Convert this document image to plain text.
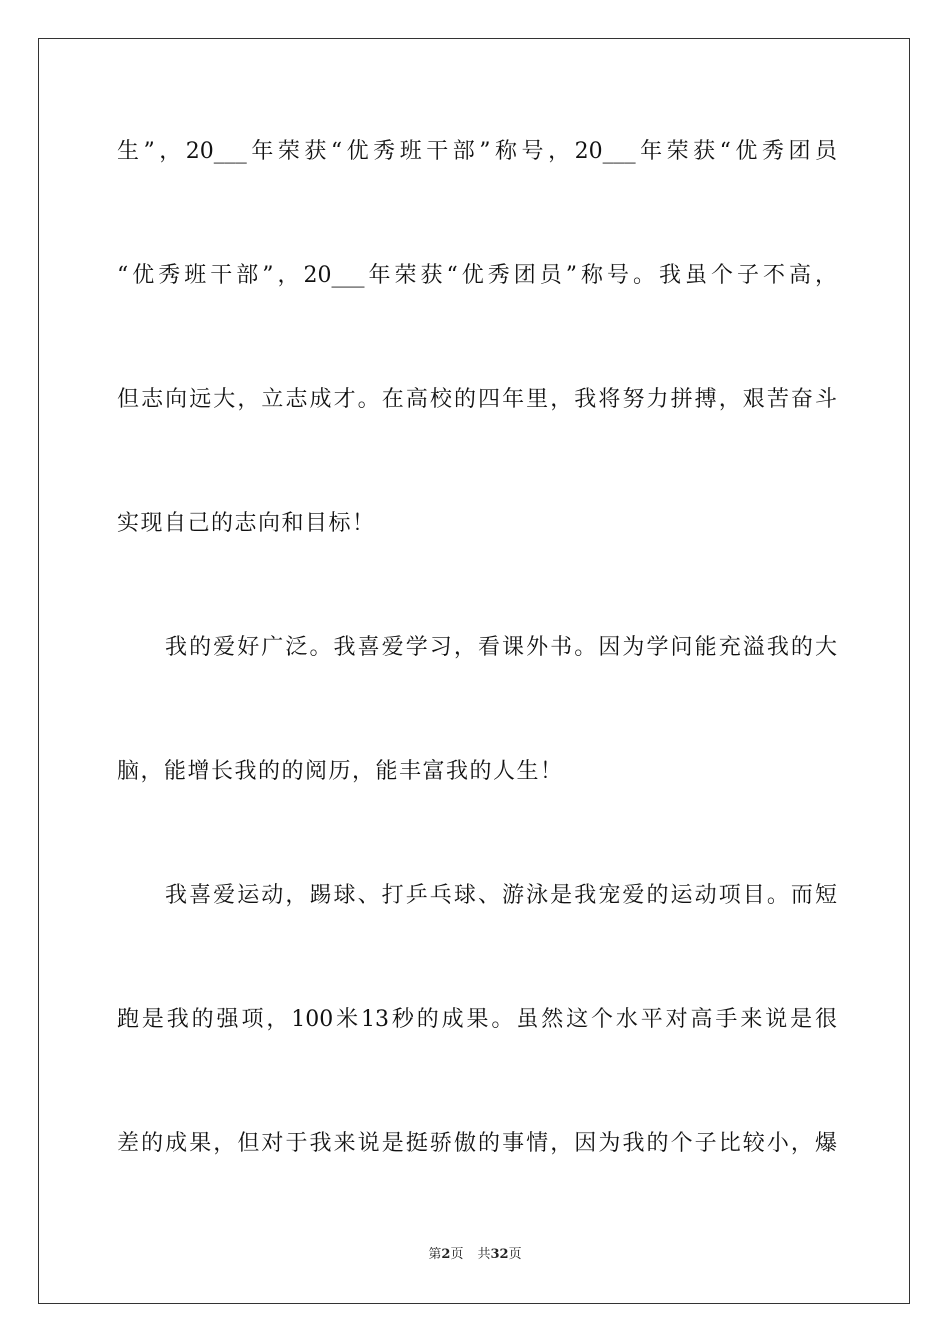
生”，20___年荣获“优秀班干部”称号，20___年荣获“优秀团员
“优秀班干部”，20___年荣获“优秀团员”称号。我虽个子不高，
但志向远大，立志成才。在高校的四年里，我将努力拼搏，艰苦奋斗
实现自己的志向和目标！
我的爱好广泛。我喜爱学习，看课外书。因为学问能充溢我的大
脑，能增长我的的阅历，能丰富我的人生！
我喜爱运动，踢球、打乒乓球、游泳是我宠爱的运动项目。而短
跑是我的强项，100米13秒的成果。虽然这个水平对高手来说是很
差的成果，但对于我来说是挺骄傲的事情，因为我的个子比较小，爆
第2页 共32页
